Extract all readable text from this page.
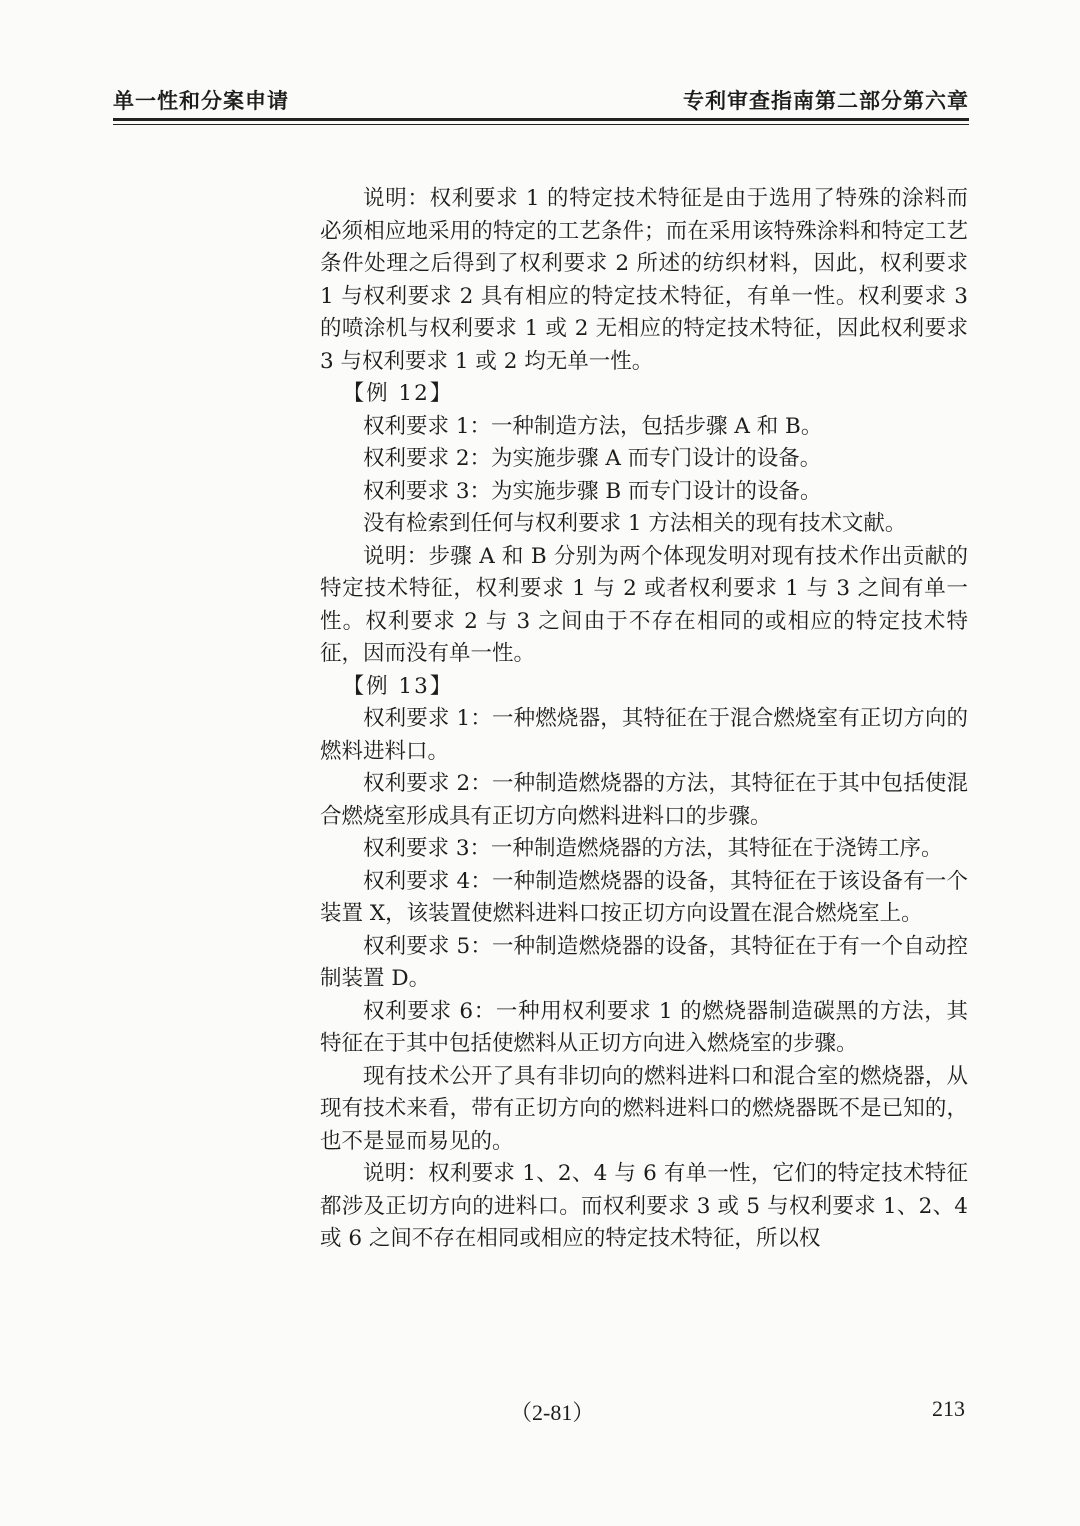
单一性和分案申请	专利审查指南第二部分第六章

说明：权利要求 1 的特定技术特征是由于选用了特殊的涂料而必须相应地采用的特定的工艺条件；而在采用该特殊涂料和特定工艺条件处理之后得到了权利要求 2 所述的纺织材料，因此，权利要求 1 与权利要求 2 具有相应的特定技术特征，有单一性。权利要求 3 的喷涂机与权利要求 1 或 2 无相应的特定技术特征，因此权利要求 3 与权利要求 1 或 2 均无单一性。

【例 12】

权利要求 1：一种制造方法，包括步骤 A 和 B。

权利要求 2：为实施步骤 A 而专门设计的设备。

权利要求 3：为实施步骤 B 而专门设计的设备。

没有检索到任何与权利要求 1 方法相关的现有技术文献。

说明：步骤 A 和 B 分别为两个体现发明对现有技术作出贡献的特定技术特征，权利要求 1 与 2 或者权利要求 1 与 3 之间有单一性。权利要求 2 与 3 之间由于不存在相同的或相应的特定技术特征，因而没有单一性。

【例 13】

权利要求 1：一种燃烧器，其特征在于混合燃烧室有正切方向的燃料进料口。

权利要求 2：一种制造燃烧器的方法，其特征在于其中包括使混合燃烧室形成具有正切方向燃料进料口的步骤。

权利要求 3：一种制造燃烧器的方法，其特征在于浇铸工序。

权利要求 4：一种制造燃烧器的设备，其特征在于该设备有一个装置 X，该装置使燃料进料口按正切方向设置在混合燃烧室上。

权利要求 5：一种制造燃烧器的设备，其特征在于有一个自动控制装置 D。

权利要求 6：一种用权利要求 1 的燃烧器制造碳黑的方法，其特征在于其中包括使燃料从正切方向进入燃烧室的步骤。

现有技术公开了具有非切向的燃料进料口和混合室的燃烧器，从现有技术来看，带有正切方向的燃料进料口的燃烧器既不是已知的，也不是显而易见的。

说明：权利要求 1、2、4 与 6 有单一性，它们的特定技术特征都涉及正切方向的进料口。而权利要求 3 或 5 与权利要求 1、2、4 或 6 之间不存在相同或相应的特定技术特征，所以权

（2-81）	213
